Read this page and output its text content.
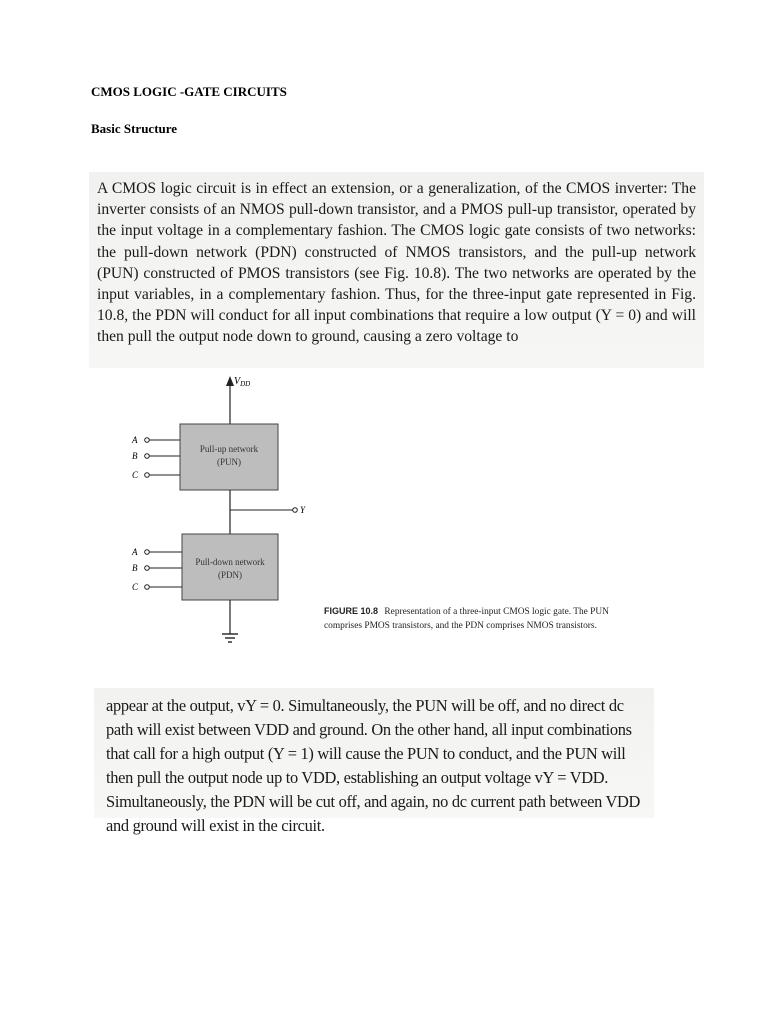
CMOS LOGIC -GATE CIRCUITS
Basic Structure

A CMOS logic circuit is in effect an extension, or a generalization, of the CMOS inverter: The inverter consists of an NMOS pull-down transistor, and a PMOS pull-up transistor, operated by the input voltage in a complementary fashion. The CMOS logic gate consists of two networks: the pull-down network (PDN) constructed of NMOS transistors, and the pull-up network (PUN) constructed of PMOS transistors (see Fig. 10.8). The two networks are operated by the input variables, in a complementary fashion. Thus, for the three-input gate represented in Fig. 10.8, the PDN will conduct for all input combinations that require a low output (Y = 0) and will then pull the output node down to ground, causing a zero voltage to

$V_{DD}$
Pull-up network
(PUN)
A
B
C
Y
Pull-down network
(PDN)
A
B
C
FIGURE 10.8 Representation of a three-input CMOS logic gate. The PUN comprises PMOS transistors, and the PDN comprises NMOS transistors.

appear at the output, vY = 0. Simultaneously, the PUN will be off, and no direct dc path will exist between VDD and ground. On the other hand, all input combinations that call for a high output (Y = 1) will cause the PUN to conduct, and the PUN will then pull the output node up to VDD, establishing an output voltage vY = VDD. Simultaneously, the PDN will be cut off, and again, no dc current path between VDD and ground will exist in the circuit.
